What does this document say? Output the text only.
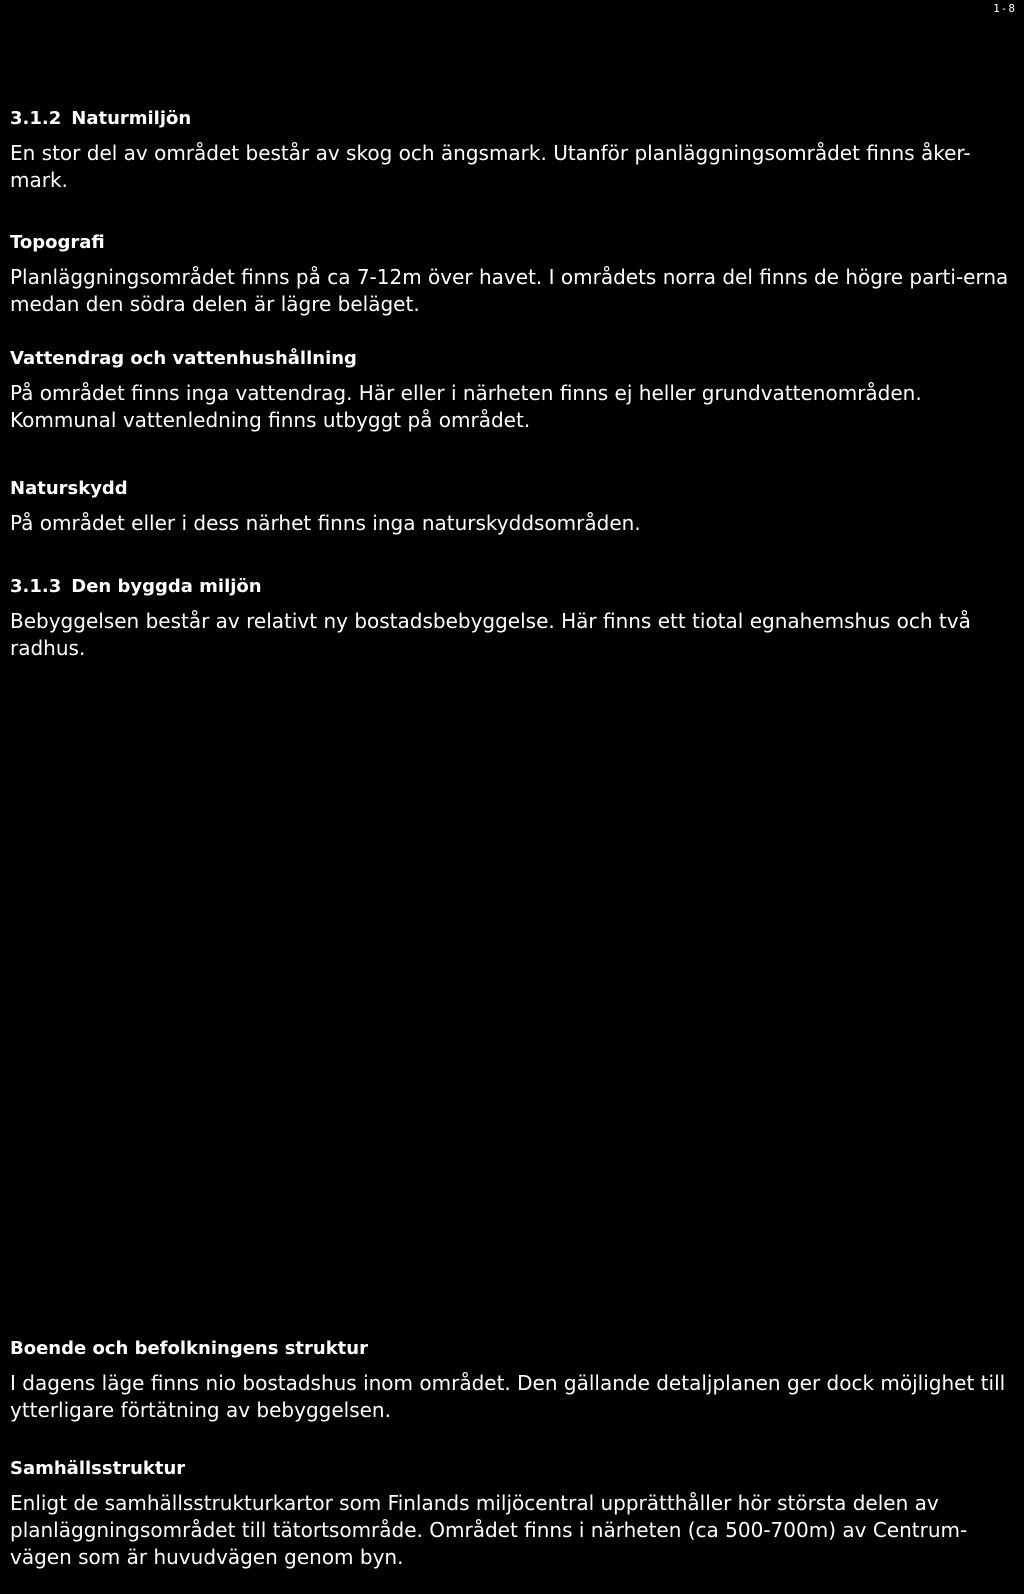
1-8
3.1.2 Naturmiljön

En stor del av området består av skog och ängsmark. Utanför planläggningsområdet finns åker-mark.

Topografi

Planläggningsområdet finns på ca 7-12m över havet. I områdets norra del finns de högre parti-erna medan den södra delen är lägre beläget.

Vattendrag och vattenhushållning

På området finns inga vattendrag. Här eller i närheten finns ej heller grundvattenområden. Kommunal vattenledning finns utbyggt på området.

Naturskydd

På området eller i dess närhet finns inga naturskyddsområden.

3.1.3 Den byggda miljön

Bebyggelsen består av relativt ny bostadsbebyggelse. Här finns ett tiotal egnahemshus och två radhus.

Boende och befolkningens struktur

I dagens läge finns nio bostadshus inom området. Den gällande detaljplanen ger dock möjlighet till ytterligare förtätning av bebyggelsen.

Samhällsstruktur

Enligt de samhällsstrukturkartor som Finlands miljöcentral upprätthåller hör största delen av planläggningsområdet till tätortsområde. Området finns i närheten (ca 500-700m) av Centrum-vägen som är huvudvägen genom byn.
